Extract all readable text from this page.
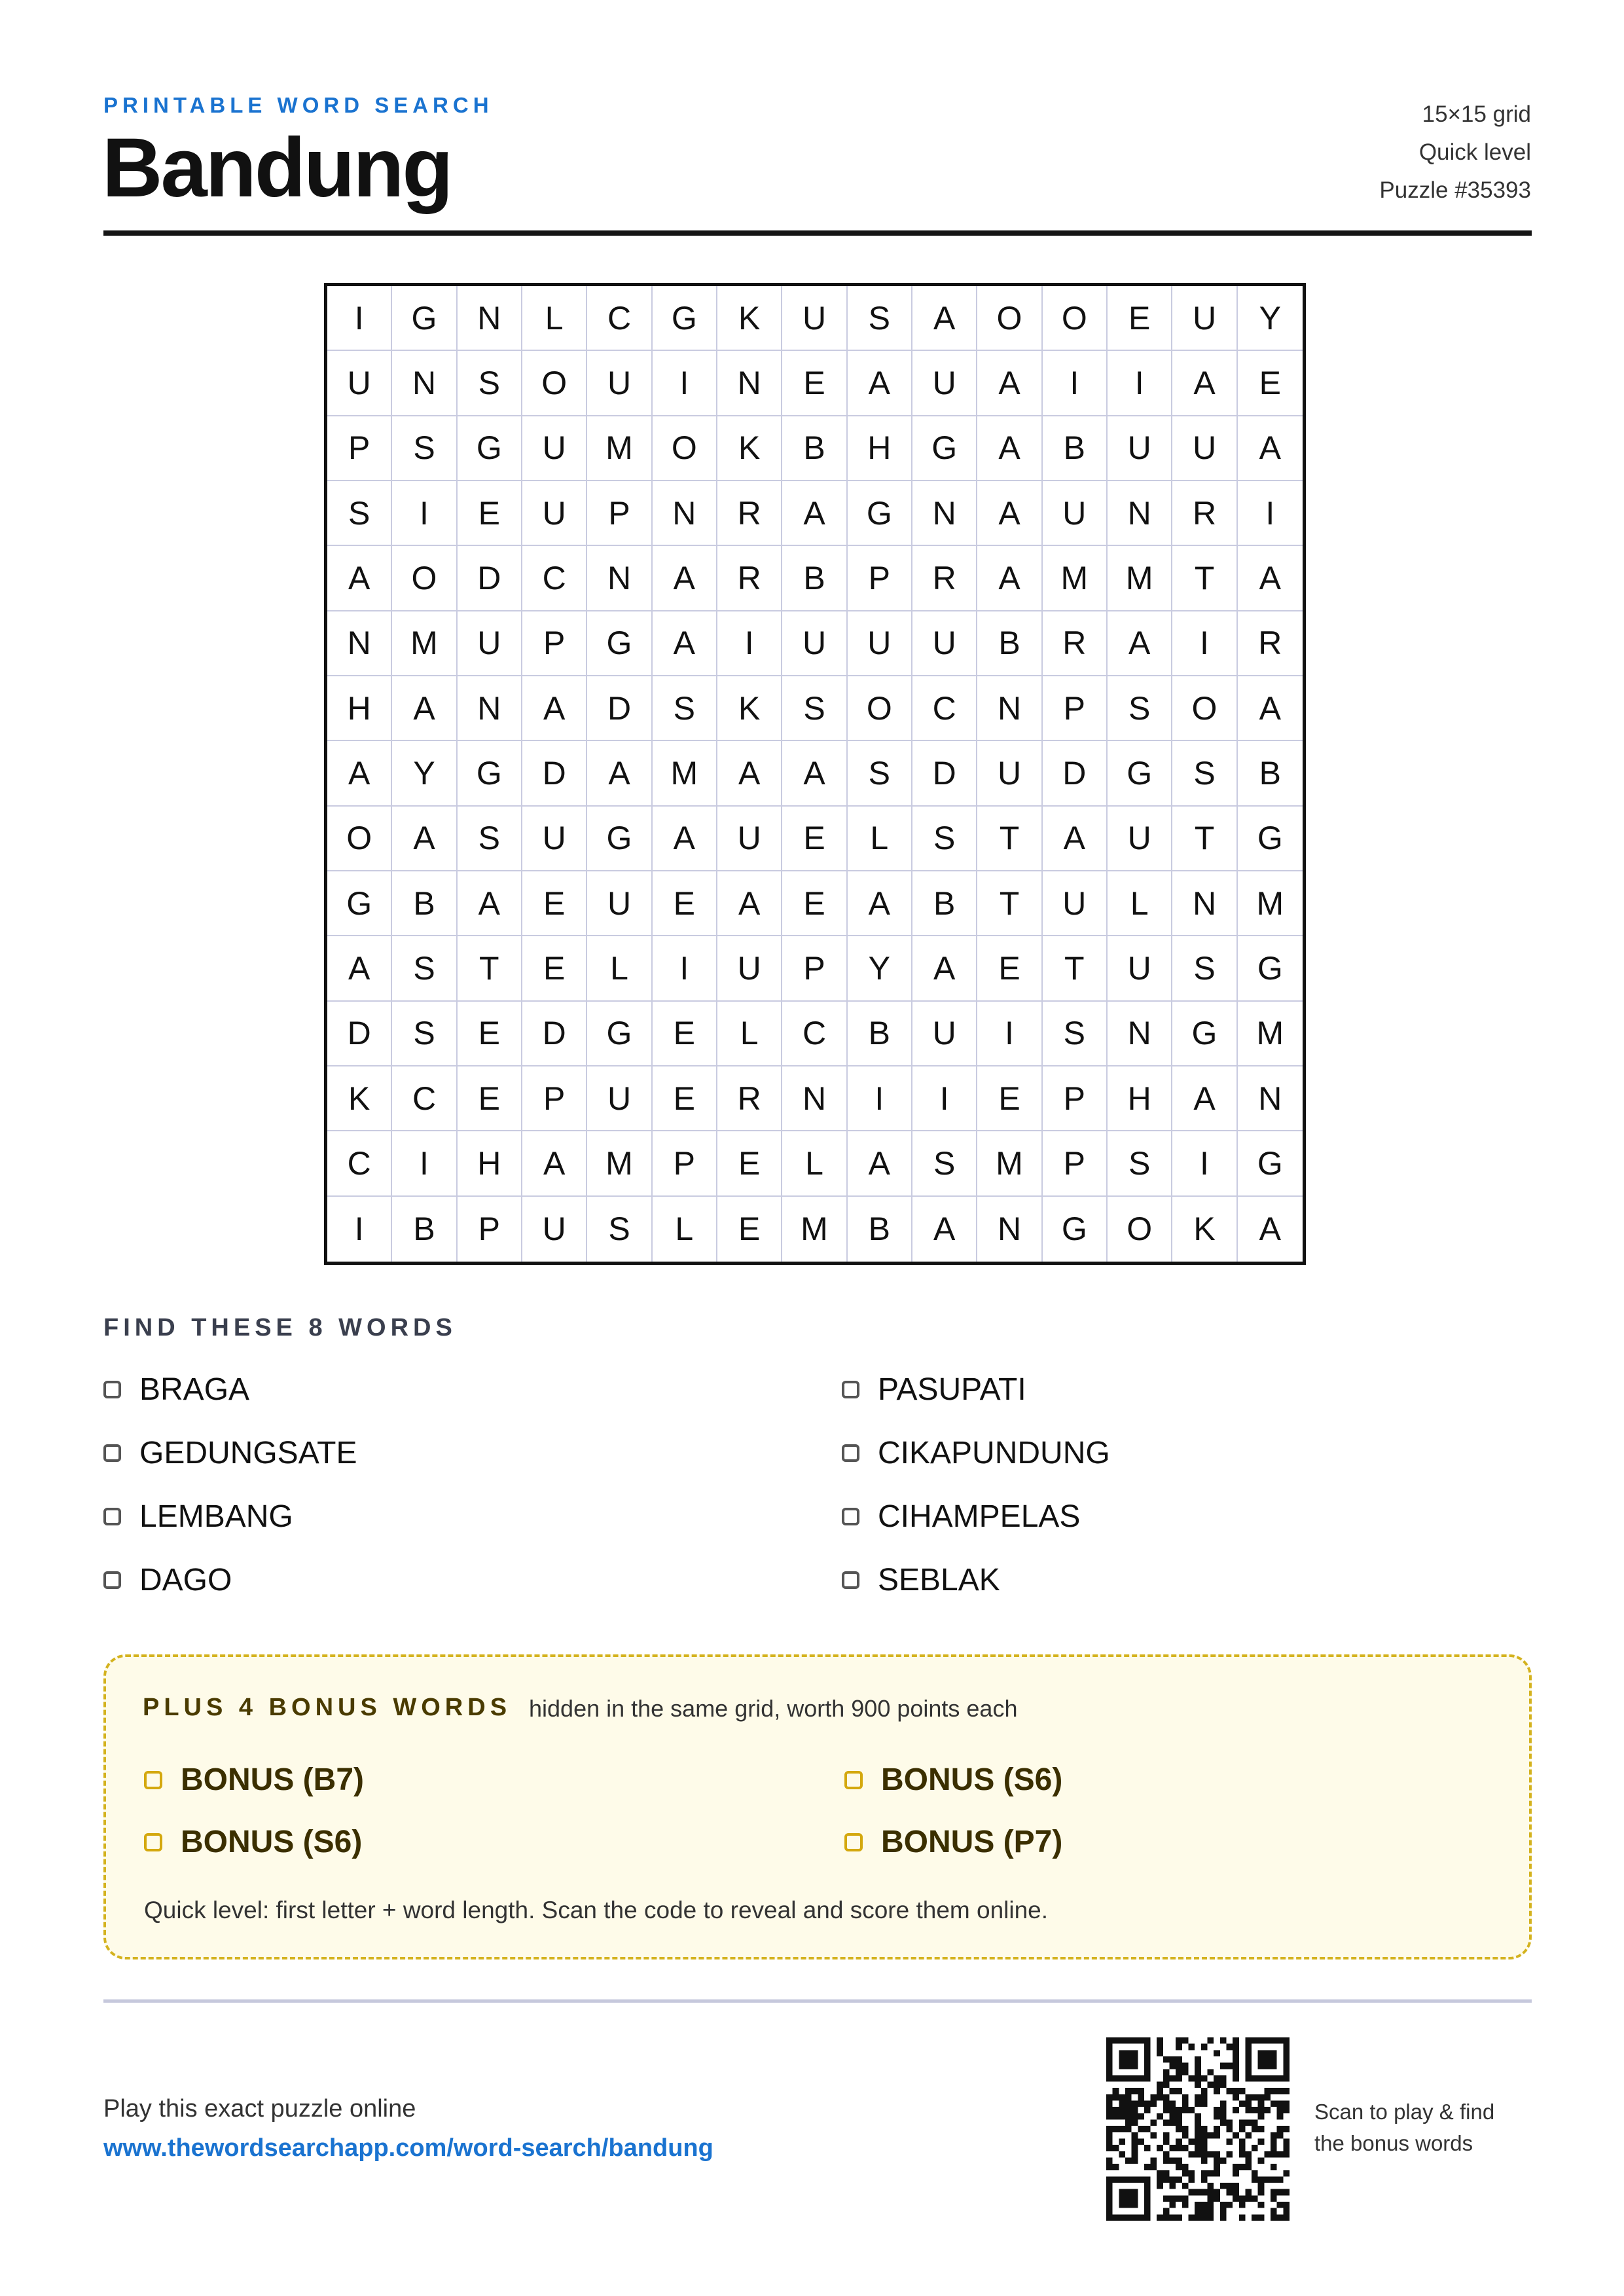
PRINTABLE WORD SEARCH
Bandung
15×15 grid
Quick level
Puzzle #35393
I	G	N	L	C	G	K	U	S	A	O	O	E	U	Y
U	N	S	O	U	I	N	E	A	U	A	I	I	A	E
P	S	G	U	M	O	K	B	H	G	A	B	U	U	A
S	I	E	U	P	N	R	A	G	N	A	U	N	R	I
A	O	D	C	N	A	R	B	P	R	A	M	M	T	A
N	M	U	P	G	A	I	U	U	U	B	R	A	I	R
H	A	N	A	D	S	K	S	O	C	N	P	S	O	A
A	Y	G	D	A	M	A	A	S	D	U	D	G	S	B
O	A	S	U	G	A	U	E	L	S	T	A	U	T	G
G	B	A	E	U	E	A	E	A	B	T	U	L	N	M
A	S	T	E	L	I	U	P	Y	A	E	T	U	S	G
D	S	E	D	G	E	L	C	B	U	I	S	N	G	M
K	C	E	P	U	E	R	N	I	I	E	P	H	A	N
C	I	H	A	M	P	E	L	A	S	M	P	S	I	G
I	B	P	U	S	L	E	M	B	A	N	G	O	K	A
FIND THESE 8 WORDS
BRAGA	PASUPATI
GEDUNGSATE	CIKAPUNDUNG
LEMBANG	CIHAMPELAS
DAGO	SEBLAK
PLUS 4 BONUS WORDS hidden in the same grid, worth 900 points each
BONUS (B7)	BONUS (S6)
BONUS (S6)	BONUS (P7)
Quick level: first letter + word length. Scan the code to reveal and score them online.
Play this exact puzzle online
www.thewordsearchapp.com/word-search/bandung
Scan to play & find
the bonus words
